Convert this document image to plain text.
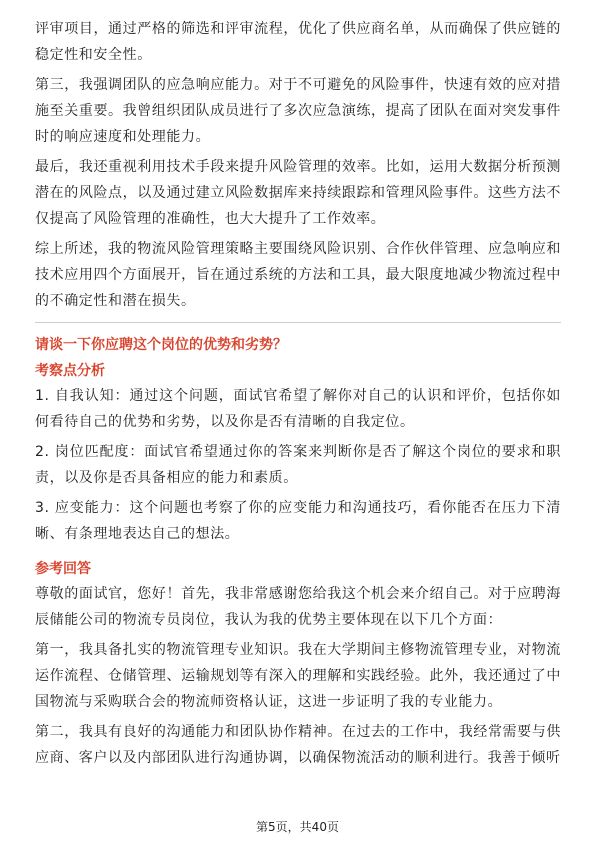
评审项目，通过严格的筛选和评审流程，优化了供应商名单，从而确保了供应链的稳定性和安全性。

第三，我强调团队的应急响应能力。对于不可避免的风险事件，快速有效的应对措施至关重要。我曾组织团队成员进行了多次应急演练，提高了团队在面对突发事件时的响应速度和处理能力。

最后，我还重视利用技术手段来提升风险管理的效率。比如，运用大数据分析预测潜在的风险点，以及通过建立风险数据库来持续跟踪和管理风险事件。这些方法不仅提高了风险管理的准确性，也大大提升了工作效率。

综上所述，我的物流风险管理策略主要围绕风险识别、合作伙伴管理、应急响应和技术应用四个方面展开，旨在通过系统的方法和工具，最大限度地减少物流过程中的不确定性和潜在损失。

请谈一下你应聘这个岗位的优势和劣势？

考察点分析

1. 自我认知：通过这个问题，面试官希望了解你对自己的认识和评价，包括你如何看待自己的优势和劣势，以及你是否有清晰的自我定位。

2. 岗位匹配度：面试官希望通过你的答案来判断你是否了解这个岗位的要求和职责，以及你是否具备相应的能力和素质。

3. 应变能力：这个问题也考察了你的应变能力和沟通技巧，看你能否在压力下清晰、有条理地表达自己的想法。

参考回答

尊敬的面试官，您好！首先，我非常感谢您给我这个机会来介绍自己。对于应聘海辰储能公司的物流专员岗位，我认为我的优势主要体现在以下几个方面：

第一，我具备扎实的物流管理专业知识。我在大学期间主修物流管理专业，对物流运作流程、仓储管理、运输规划等有深入的理解和实践经验。此外，我还通过了中国物流与采购联合会的物流师资格认证，这进一步证明了我的专业能力。

第二，我具有良好的沟通能力和团队协作精神。在过去的工作中，我经常需要与供应商、客户以及内部团队进行沟通协调，以确保物流活动的顺利进行。我善于倾听

第5页，共40页
